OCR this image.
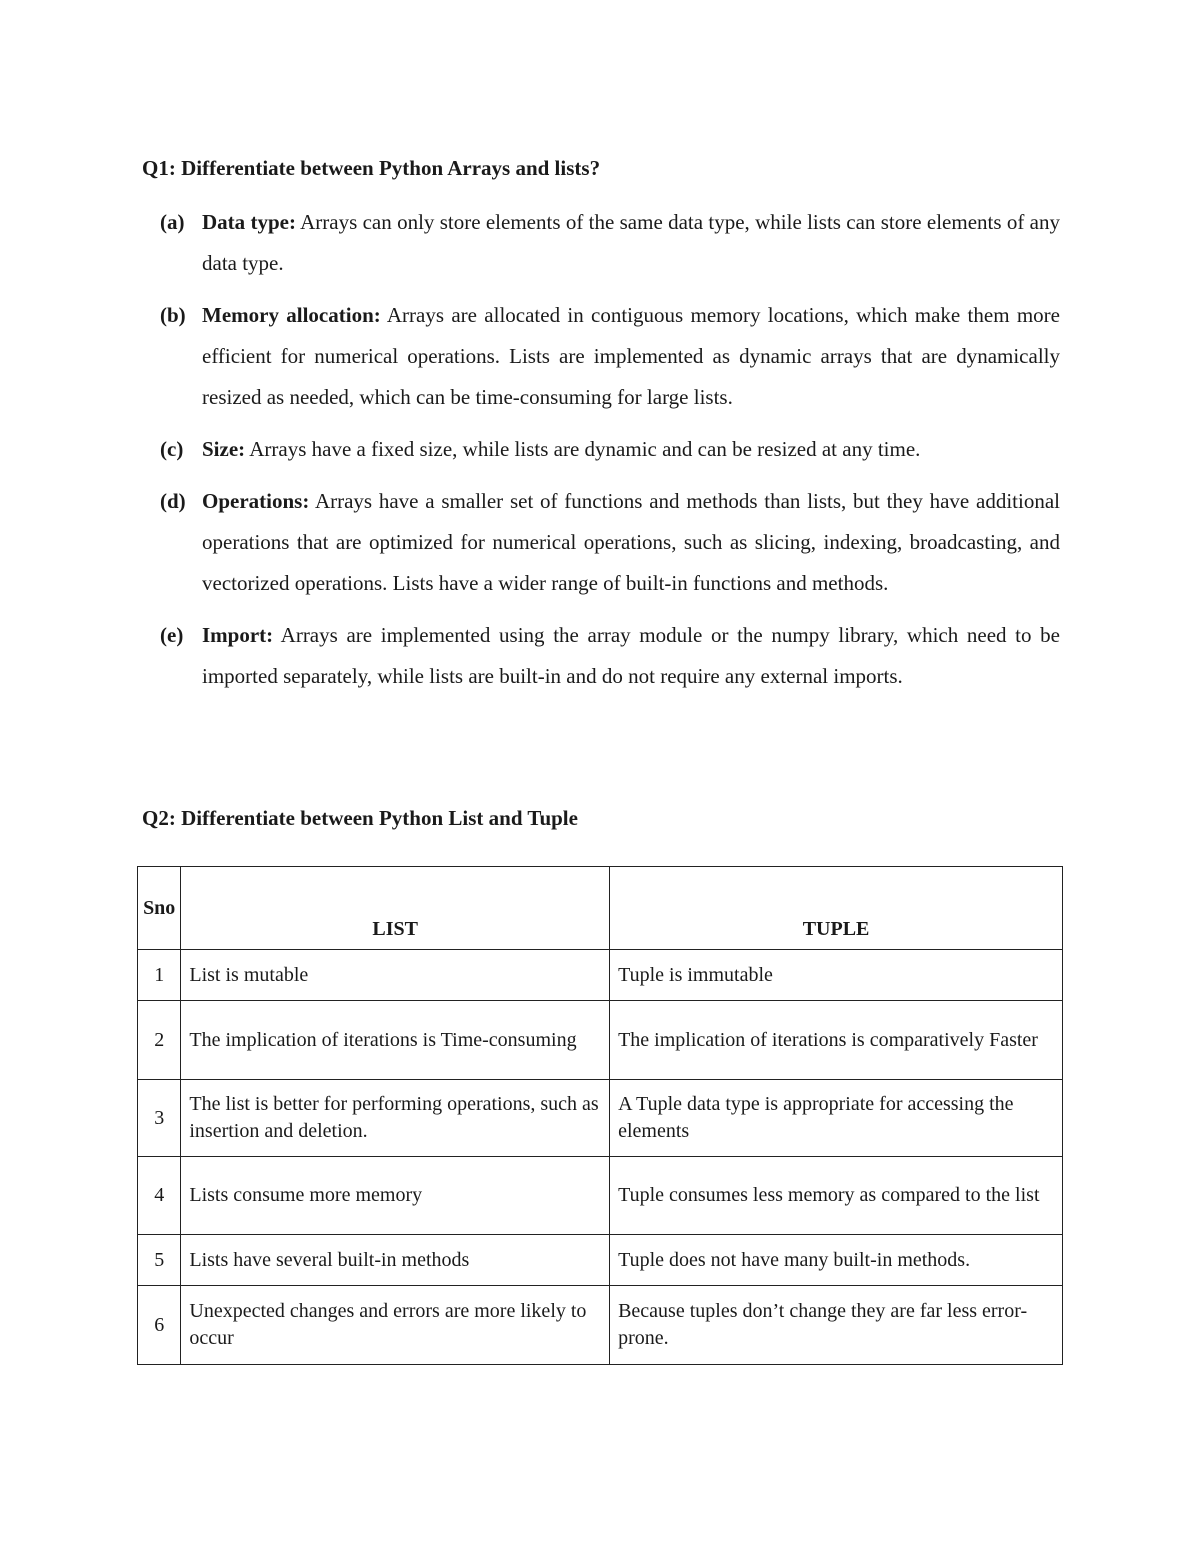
Q1: Differentiate between Python Arrays and lists?
(a) Data type: Arrays can only store elements of the same data type, while lists can store elements of any data type.
(b) Memory allocation: Arrays are allocated in contiguous memory locations, which make them more efficient for numerical operations. Lists are implemented as dynamic arrays that are dynamically resized as needed, which can be time-consuming for large lists.
(c) Size: Arrays have a fixed size, while lists are dynamic and can be resized at any time.
(d) Operations: Arrays have a smaller set of functions and methods than lists, but they have additional operations that are optimized for numerical operations, such as slicing, indexing, broadcasting, and vectorized operations. Lists have a wider range of built-in functions and methods.
(e) Import: Arrays are implemented using the array module or the numpy library, which need to be imported separately, while lists are built-in and do not require any external imports.
Q2: Differentiate between Python List and Tuple
Sno	LIST	TUPLE
1	List is mutable	Tuple is immutable
2	The implication of iterations is Time-consuming	The implication of iterations is comparatively Faster
3	The list is better for performing operations, such as insertion and deletion.	A Tuple data type is appropriate for accessing the elements
4	Lists consume more memory	Tuple consumes less memory as compared to the list
5	Lists have several built-in methods	Tuple does not have many built-in methods.
6	Unexpected changes and errors are more likely to occur	Because tuples don’t change they are far less error-prone.
